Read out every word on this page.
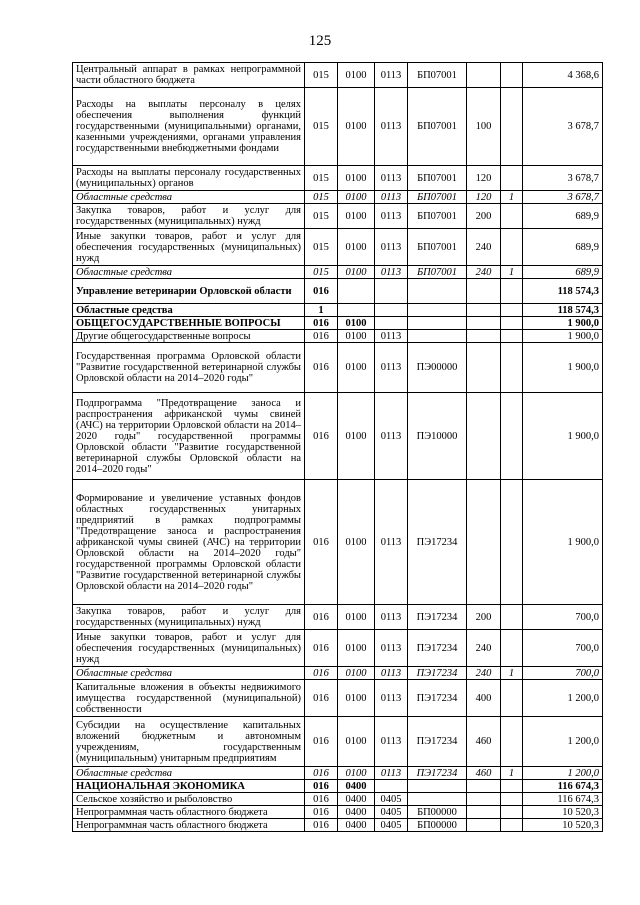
125
Центральный аппарат в рамках непрограммной части областного бюджета	015	0100	0113	БП07001			4 368,6
Расходы на выплаты персоналу в целях обеспечения выполнения функций государственными (муниципальными) органами, казенными учреждениями, органами управления государственными внебюджетными фондами	015	0100	0113	БП07001	100		3 678,7
Расходы на выплаты персоналу государственных (муниципальных) органов	015	0100	0113	БП07001	120		3 678,7
Областные средства	015	0100	0113	БП07001	120	1	3 678,7
Закупка товаров, работ и услуг для государственных (муниципальных) нужд	015	0100	0113	БП07001	200		689,9
Иные закупки товаров, работ и услуг для обеспечения государственных (муниципальных) нужд	015	0100	0113	БП07001	240		689,9
Областные средства	015	0100	0113	БП07001	240	1	689,9
Управление ветеринарии Орловской области	016						118 574,3
Областные средства	1						118 574,3
ОБЩЕГОСУДАРСТВЕННЫЕ ВОПРОСЫ	016	0100					1 900,0
Другие общегосударственные вопросы	016	0100	0113				1 900,0
Государственная программа Орловской области "Развитие государственной ветеринарной службы Орловской области на 2014–2020 годы"	016	0100	0113	ПЭ00000			1 900,0
Подпрограмма "Предотвращение заноса и распространения африканской чумы свиней (АЧС) на территории Орловской области на 2014–2020 годы" государственной программы Орловской области "Развитие государственной ветеринарной службы Орловской области на 2014–2020 годы"	016	0100	0113	ПЭ10000			1 900,0
Формирование и увеличение уставных фондов областных государственных унитарных предприятий в рамках подпрограммы "Предотвращение заноса и распространения африканской чумы свиней (АЧС) на территории Орловской области на 2014–2020 годы" государственной программы Орловской области "Развитие государственной ветеринарной службы Орловской области на 2014–2020 годы"	016	0100	0113	ПЭ17234			1 900,0
Закупка товаров, работ и услуг для государственных (муниципальных) нужд	016	0100	0113	ПЭ17234	200		700,0
Иные закупки товаров, работ и услуг для обеспечения государственных (муниципальных) нужд	016	0100	0113	ПЭ17234	240		700,0
Областные средства	016	0100	0113	ПЭ17234	240	1	700,0
Капитальные вложения в объекты недвижимого имущества государственной (муниципальной) собственности	016	0100	0113	ПЭ17234	400		1 200,0
Субсидии на осуществление капитальных вложений бюджетным и автономным учреждениям, государственным (муниципальным) унитарным предприятиям	016	0100	0113	ПЭ17234	460		1 200,0
Областные средства	016	0100	0113	ПЭ17234	460	1	1 200,0
НАЦИОНАЛЬНАЯ ЭКОНОМИКА	016	0400					116 674,3
Сельское хозяйство и рыболовство	016	0400	0405				116 674,3
Непрограммная часть областного бюджета	016	0400	0405	БП00000			10 520,3
Непрограммная часть областного бюджета	016	0400	0405	БП00000			10 520,3
